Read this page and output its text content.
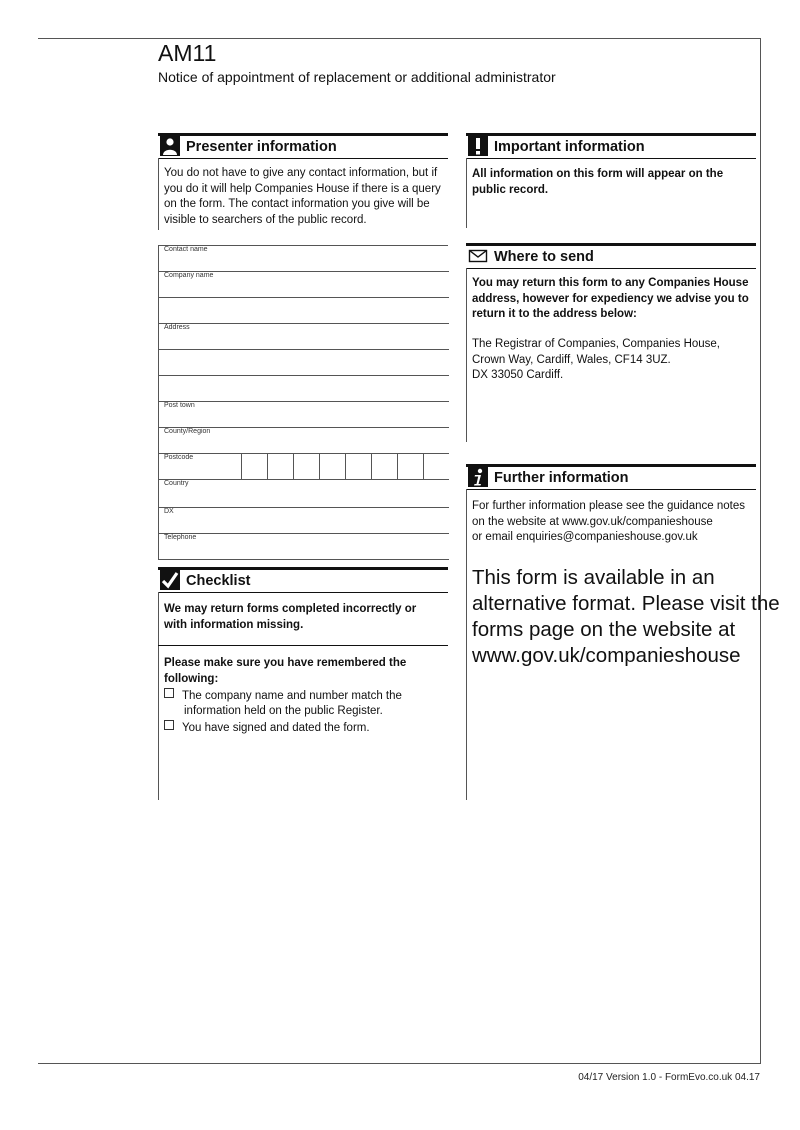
AM11
Notice of appointment of replacement or additional administrator
Presenter information
You do not have to give any contact information, but if
you do it will help Companies House if there is a query
on the form. The contact information you give will be
visible to searchers of the public record.
Contact name
Company name
Address
Post town
County/Region
Postcode
Country
DX
Telephone
Checklist
We may return forms completed incorrectly or
with information missing.
Please make sure you have remembered the
following:
The company name and number match the
information held on the public Register.
You have signed and dated the form.
Important information
All information on this form will appear on the
public record.
Where to send
You may return this form to any Companies House
address, however for expediency we advise you to
return it to the address below:
The Registrar of Companies, Companies House,
Crown Way, Cardiff, Wales, CF14 3UZ.
DX 33050 Cardiff.
Further information
For further information please see the guidance notes
on the website at www.gov.uk/companieshouse
or email enquiries@companieshouse.gov.uk
This form is available in an
alternative format. Please visit the
forms page on the website at
www.gov.uk/companieshouse
04/17 Version 1.0 - FormEvo.co.uk 04.17
